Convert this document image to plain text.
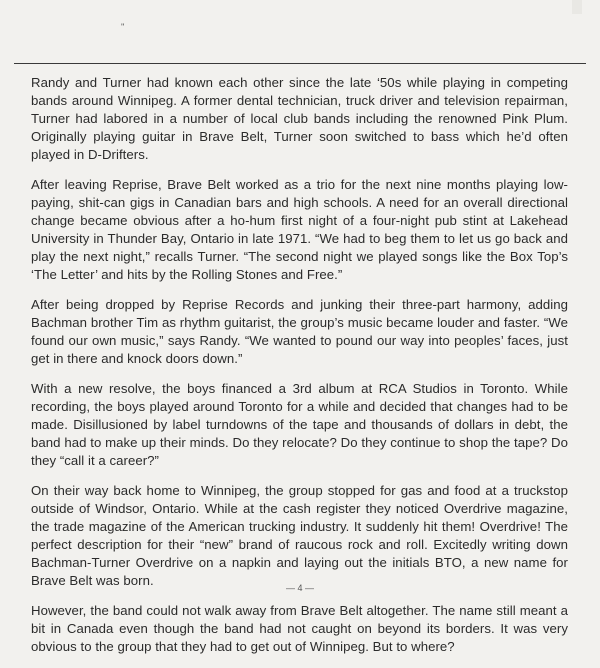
''

Randy and Turner had known each other since the late ‘50s while playing in competing bands around Winnipeg. A former dental technician, truck driver and television repairman, Turner had labored in a number of local club bands including the renowned Pink Plum. Originally playing guitar in Brave Belt, Turner soon switched to bass which he’d often played in D-Drifters.

After leaving Reprise, Brave Belt worked as a trio for the next nine months playing low-paying, shit-can gigs in Canadian bars and high schools. A need for an overall directional change became obvious after a ho-hum first night of a four-night pub stint at Lakehead University in Thunder Bay, Ontario in late 1971. “We had to beg them to let us go back and play the next night,” recalls Turner. “The second night we played songs like the Box Top’s ‘The Letter’ and hits by the Rolling Stones and Free.”

After being dropped by Reprise Records and junking their three-part harmony, adding Bachman brother Tim as rhythm guitarist, the group’s music became louder and faster. “We found our own music,” says Randy. “We wanted to pound our way into peoples’ faces, just get in there and knock doors down.”

With a new resolve, the boys financed a 3rd album at RCA Studios in Toronto. While recording, the boys played around Toronto for a while and decided that changes had to be made. Disillusioned by label turndowns of the tape and thousands of dollars in debt, the band had to make up their minds. Do they relocate? Do they continue to shop the tape? Do they “call it a career?”

On their way back home to Winnipeg, the group stopped for gas and food at a truckstop outside of Windsor, Ontario. While at the cash register they noticed Overdrive magazine, the trade magazine of the American trucking industry. It suddenly hit them! Overdrive! The perfect description for their “new” brand of raucous rock and roll. Excitedly writing down Bachman-Turner Overdrive on a napkin and laying out the initials BTO, a new name for Brave Belt was born.

However, the band could not walk away from Brave Belt altogether. The name still meant a bit in Canada even though the band had not caught on beyond its borders. It was very obvious to the group that they had to get out of Winnipeg. But to where?

— 4 —
